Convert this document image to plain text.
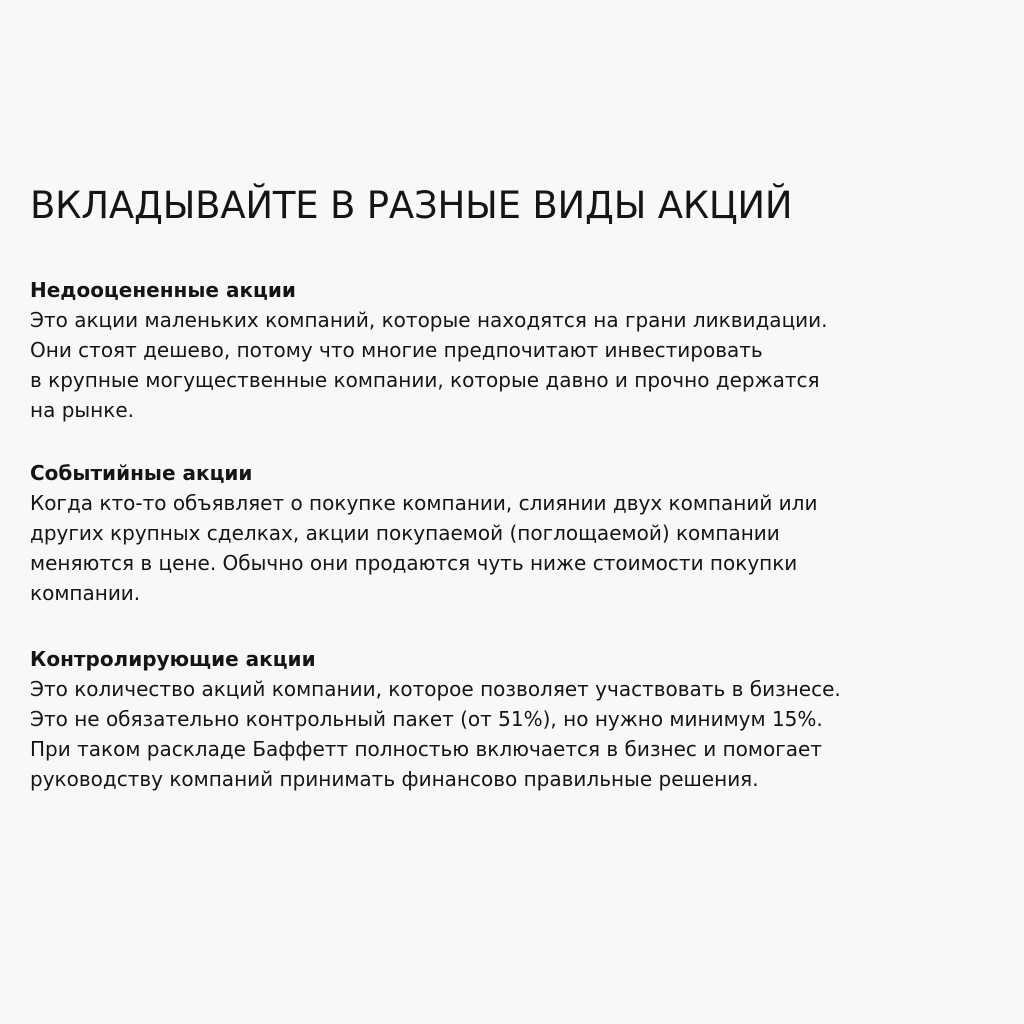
ВКЛАДЫВАЙТЕ В РАЗНЫЕ ВИДЫ АКЦИЙ
Недооцененные акции
Это акции маленьких компаний, которые находятся на грани ликвидации.
Они стоят дешево, потому что многие предпочитают инвестировать
в крупные могущественные компании, которые давно и прочно держатся
на рынке.
Событийные акции
Когда кто-то объявляет о покупке компании, слиянии двух компаний или
других крупных сделках, акции покупаемой (поглощаемой) компании
меняются в цене. Обычно они продаются чуть ниже стоимости покупки
компании.
Контролирующие акции
Это количество акций компании, которое позволяет участвовать в бизнесе.
Это не обязательно контрольный пакет (от 51%), но нужно минимум 15%.
При таком раскладе Баффетт полностью включается в бизнес и помогает
руководству компаний принимать финансово правильные решения.
